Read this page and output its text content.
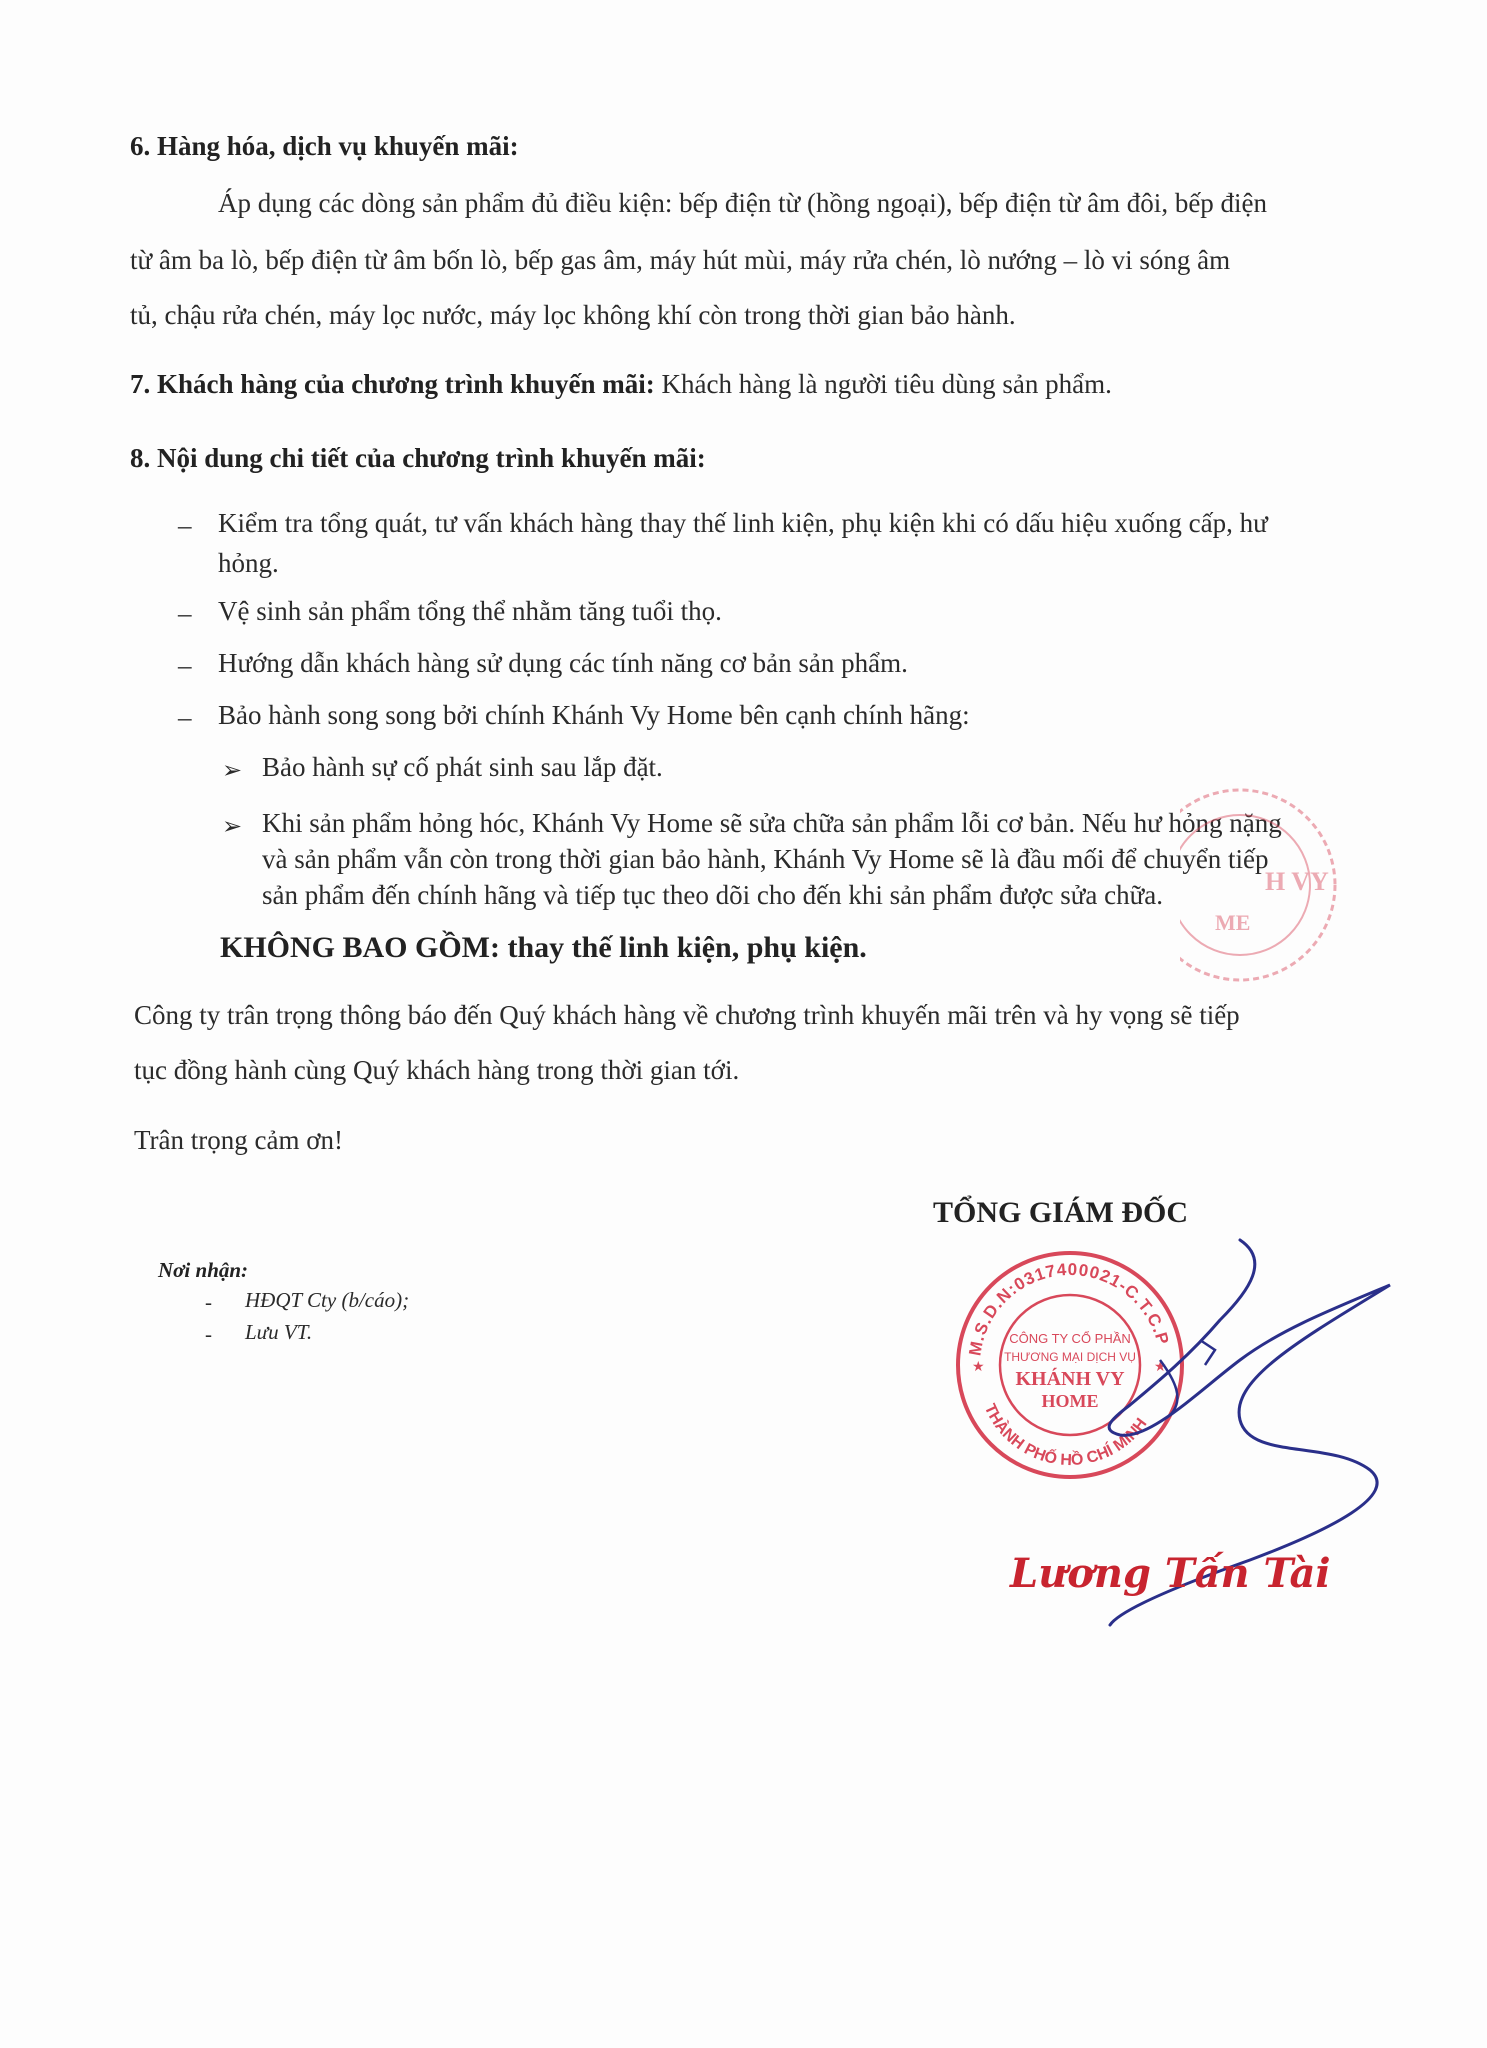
6. Hàng hóa, dịch vụ khuyến mãi:
Áp dụng các dòng sản phẩm đủ điều kiện: bếp điện từ (hồng ngoại), bếp điện từ âm đôi, bếp điện
từ âm ba lò, bếp điện từ âm bốn lò, bếp gas âm, máy hút mùi, máy rửa chén, lò nướng – lò vi sóng âm
tủ, chậu rửa chén, máy lọc nước, máy lọc không khí còn trong thời gian bảo hành.
7. Khách hàng của chương trình khuyến mãi: Khách hàng là người tiêu dùng sản phẩm.
8. Nội dung chi tiết của chương trình khuyến mãi:
– Kiểm tra tổng quát, tư vấn khách hàng thay thế linh kiện, phụ kiện khi có dấu hiệu xuống cấp, hư
hỏng.
– Vệ sinh sản phẩm tổng thể nhằm tăng tuổi thọ.
– Hướng dẫn khách hàng sử dụng các tính năng cơ bản sản phẩm.
– Bảo hành song song bởi chính Khánh Vy Home bên cạnh chính hãng:
➢ Bảo hành sự cố phát sinh sau lắp đặt.
➢ Khi sản phẩm hỏng hóc, Khánh Vy Home sẽ sửa chữa sản phẩm lỗi cơ bản. Nếu hư hỏng nặng
và sản phẩm vẫn còn trong thời gian bảo hành, Khánh Vy Home sẽ là đầu mối để chuyển tiếp
sản phẩm đến chính hãng và tiếp tục theo dõi cho đến khi sản phẩm được sửa chữa.
KHÔNG BAO GỒM: thay thế linh kiện, phụ kiện.
Công ty trân trọng thông báo đến Quý khách hàng về chương trình khuyến mãi trên và hy vọng sẽ tiếp
tục đồng hành cùng Quý khách hàng trong thời gian tới.
Trân trọng cảm ơn!
TỔNG GIÁM ĐỐC
Nơi nhận:
- HĐQT Cty (b/cáo);
- Lưu VT.
H VY
ME
M.S.D.N:0317400021-C.T.C.P
THÀNH PHỐ HỒ CHÍ MINH
CÔNG TY CỔ PHẦN
THƯƠNG MẠI DỊCH VỤ
KHÁNH VY
HOME
★	★
Lương Tấn Tài
